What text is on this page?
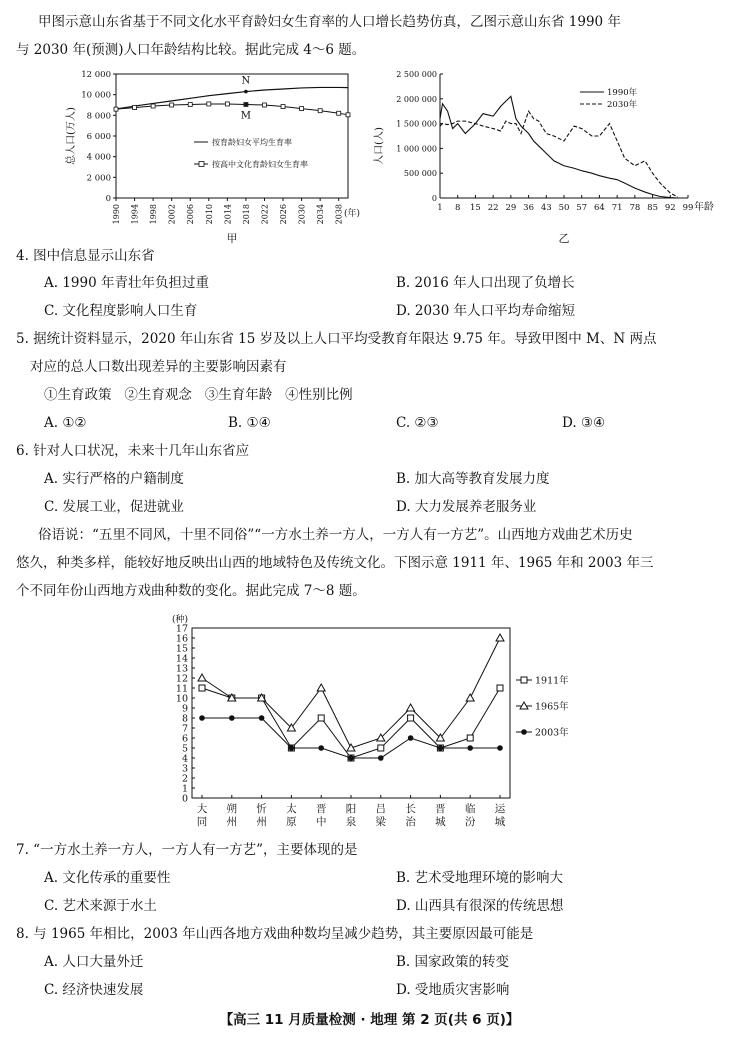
甲图示意山东省基于不同文化水平育龄妇女生育率的人口增长趋势仿真，乙图示意山东省 1990 年
与 2030 年(预测)人口年龄结构比较。据此完成 4～6 题。
0
2 000
4 000
6 000
8 000
10 000
12 000
1990 1994 1998 2002 2006 2010 2014 2018 2022 2026 2030 2034 2038 (年)
总人口(万人)
甲
N
M
按育龄妇女平均生育率
按高中文化育龄妇女生育率
0
500 000
1 000 000
1 500 000
2 000 000
2 500 000
1 8 15 22 29 36 43 50 57 64 71 78 85 92 99 年龄
人口(人)
乙
1990年
2030年
4. 图中信息显示山东省
A. 1990 年青壮年负担过重	B. 2016 年人口出现了负增长
C. 文化程度影响人口生育	D. 2030 年人口平均寿命缩短
5. 据统计资料显示，2020 年山东省 15 岁及以上人口平均受教育年限达 9.75 年。导致甲图中 M、N 两点
对应的总人口数出现差异的主要影响因素有
①生育政策   ②生育观念   ③生育年龄   ④性别比例
A. ①②	B. ①④	C. ②③	D. ③④
6. 针对人口状况，未来十几年山东省应
A. 实行严格的户籍制度	B. 加大高等教育发展力度
C. 发展工业，促进就业	D. 大力发展养老服务业
俗语说：“五里不同风，十里不同俗”“一方水土养一方人，一方人有一方艺”。山西地方戏曲艺术历史
悠久，种类多样，能较好地反映出山西的地域特色及传统文化。下图示意 1911 年、1965 年和 2003 年三
个不同年份山西地方戏曲种数的变化。据此完成 7～8 题。
(种)
0
1
2
3
4
5
6
7
8
9
10
11
12
13
14
15
16
17
大
同
朔
州
忻
州
太
原
晋
中
阳
泉
吕
梁
长
治
晋
城
临
汾
运
城
1911年
1965年
2003年
7. “一方水土养一方人，一方人有一方艺”，主要体现的是
A. 文化传承的重要性	B. 艺术受地理环境的影响大
C. 艺术来源于水土	D. 山西具有很深的传统思想
8. 与 1965 年相比，2003 年山西各地方戏曲种数均呈减少趋势，其主要原因最可能是
A. 人口大量外迁	B. 国家政策的转变
C. 经济快速发展	D. 受地质灾害影响
【高三 11 月质量检测 · 地理 第 2 页(共 6 页)】
